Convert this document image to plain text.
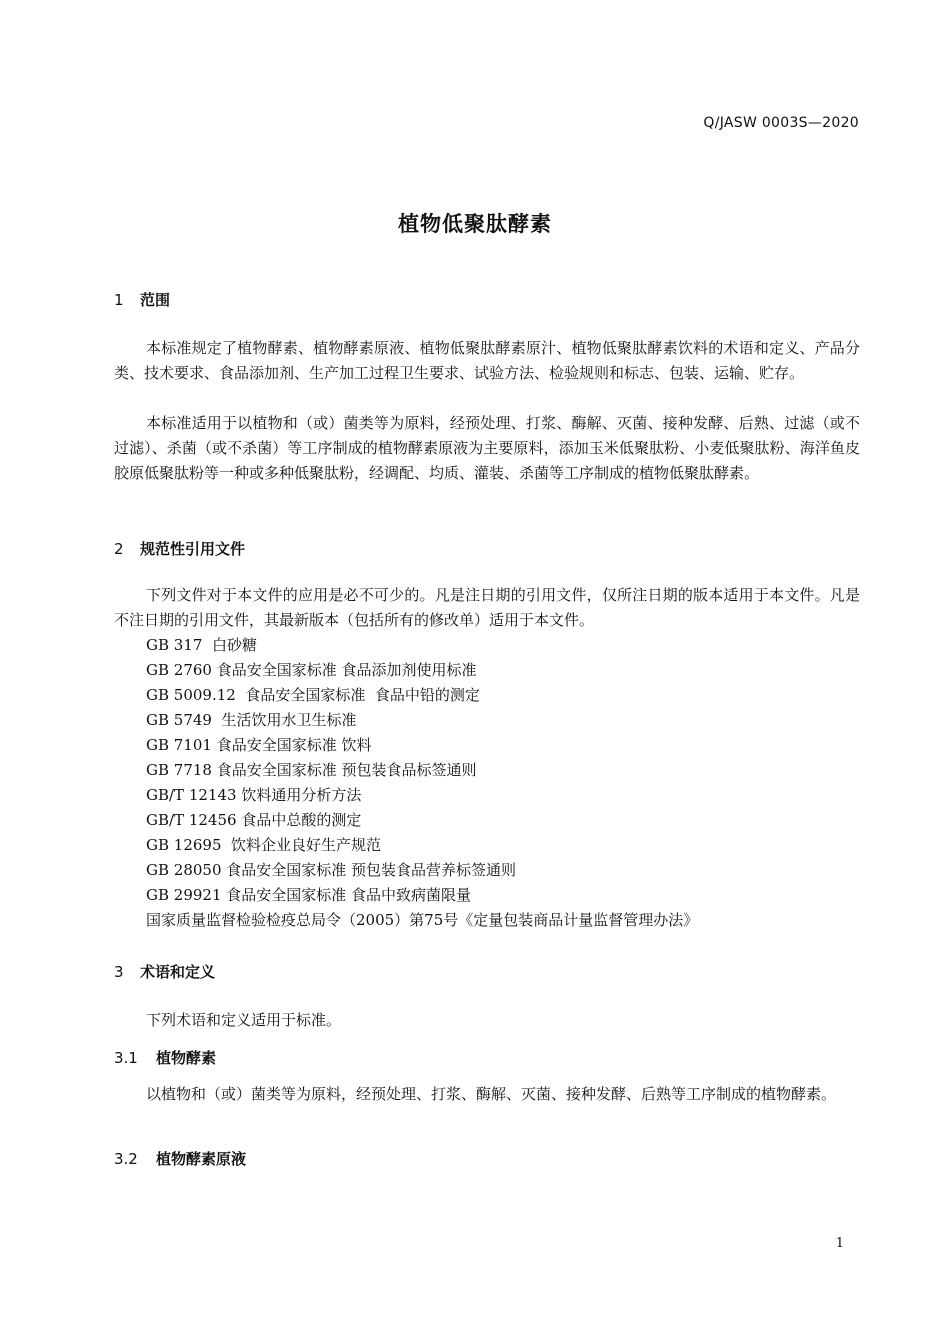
Q/JASW 0003S—2020
植物低聚肽酵素
1 范围

本标准规定了植物酵素、植物酵素原液、植物低聚肽酵素原汁、植物低聚肽酵素饮料的术语和定义、产品分类、技术要求、食品添加剂、生产加工过程卫生要求、试验方法、检验规则和标志、包装、运输、贮存。

本标准适用于以植物和（或）菌类等为原料，经预处理、打浆、酶解、灭菌、接种发酵、后熟、过滤（或不过滤）、杀菌（或不杀菌）等工序制成的植物酵素原液为主要原料，添加玉米低聚肽粉、小麦低聚肽粉、海洋鱼皮胶原低聚肽粉等一种或多种低聚肽粉，经调配、均质、灌装、杀菌等工序制成的植物低聚肽酵素。

2 规范性引用文件

下列文件对于本文件的应用是必不可少的。凡是注日期的引用文件，仅所注日期的版本适用于本文件。凡是不注日期的引用文件，其最新版本（包括所有的修改单）适用于本文件。

GB 317  白砂糖
GB 2760 食品安全国家标准 食品添加剂使用标准
GB 5009.12  食品安全国家标准  食品中铅的测定
GB 5749  生活饮用水卫生标准
GB 7101 食品安全国家标准 饮料
GB 7718 食品安全国家标准 预包装食品标签通则
GB/T 12143 饮料通用分析方法
GB/T 12456 食品中总酸的测定
GB 12695  饮料企业良好生产规范
GB 28050 食品安全国家标准 预包装食品营养标签通则
GB 29921 食品安全国家标准 食品中致病菌限量
国家质量监督检验检疫总局令（2005）第75号《定量包装商品计量监督管理办法》
3 术语和定义

下列术语和定义适用于标准。

3.1 植物酵素

以植物和（或）菌类等为原料，经预处理、打浆、酶解、灭菌、接种发酵、后熟等工序制成的植物酵素。

3.2 植物酵素原液
1
